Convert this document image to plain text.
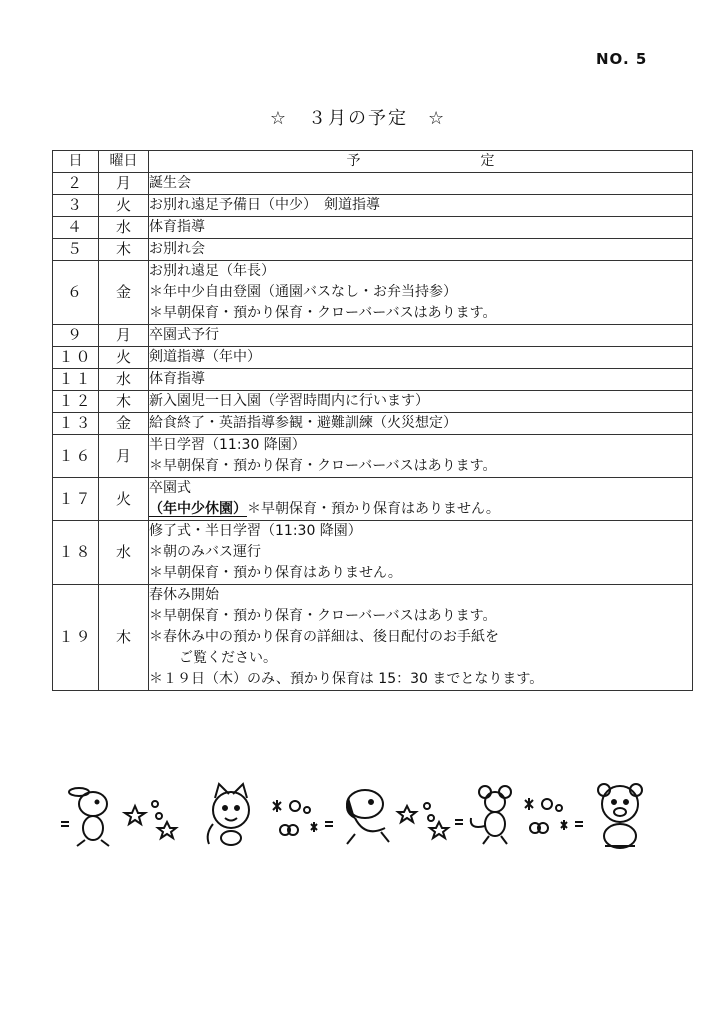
NO. 5
☆　３月の予定　☆
日	曜日	予 定
２	月	誕生会

３	火	お別れ遠足予備日（中少）　剣道指導

４	水	体育指導

５	木	お別れ会

６	金	お別れ遠足（年長）
＊年中少自由登園（通園バスなし・お弁当持参）
＊早朝保育・預かり保育・クローバーバスはあります。

９	月	卒園式予行

１０	火	剣道指導（年中）

１１	水	体育指導

１２	木	新入園児一日入園（学習時間内に行います）

１３	金	給食終了・英語指導参観・避難訓練（火災想定）

１６	月	半日学習（11:30 降園）
＊早朝保育・預かり保育・クローバーバスはあります。

１７	火	卒園式
（年中少休園）＊早朝保育・預かり保育はありません。

１８	水	修了式・半日学習（11:30 降園）
＊朝のみバス運行
＊早朝保育・預かり保育はありません。

１９	木	春休み開始
＊早朝保育・預かり保育・クローバーバスはあります。
＊春休み中の預かり保育の詳細は、後日配付のお手紙を
ご覧ください。
＊１９日（木）のみ、預かり保育は 15：30 までとなります。
